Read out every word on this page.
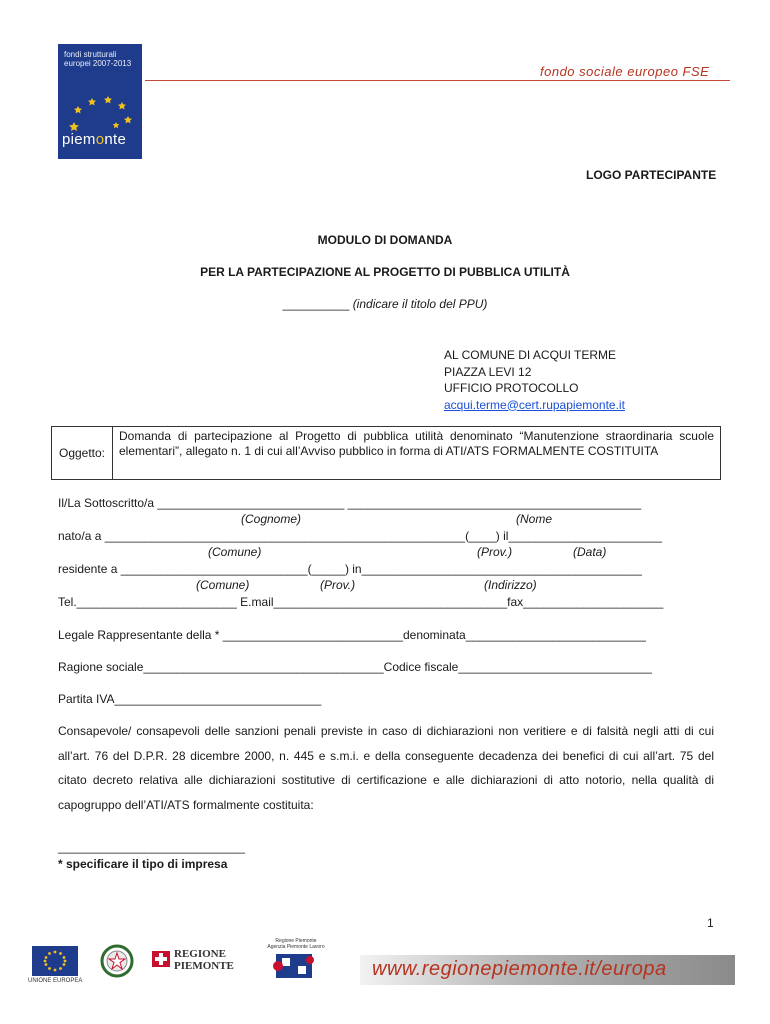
fondi strutturali
europei 2007-2013
piemonte
fondo sociale europeo FSE
LOGO PARTECIPANTE
MODULO DI DOMANDA
PER LA PARTECIPAZIONE AL PROGETTO DI PUBBLICA UTILITÀ
__________ (indicare il titolo del PPU)
AL COMUNE DI ACQUI TERME
PIAZZA LEVI 12
UFFICIO PROTOCOLLO
acqui.terme@cert.rupapiemonte.it
Oggetto:
Domanda di partecipazione al Progetto di pubblica utilità denominato “Manutenzione straordinaria scuole elementari”, allegato n. 1 di cui all’Avviso pubblico in forma di ATI/ATS FORMALMENTE COSTITUITA
Il/La Sottoscritto/a ____________________________ ____________________________________________
(Cognome)	(Nome
nato/a a ______________________________________________________(____) il_______________________
(Comune)	(Prov.)	(Data)
residente a ____________________________(_____) in__________________________________________
(Comune)	(Prov.)	(Indirizzo)
Tel.________________________ E.mail___________________________________fax_____________________
Legale Rappresentante della * ___________________________denominata___________________________
Ragione sociale____________________________________Codice fiscale_____________________________
Partita IVA_______________________________
Consapevole/ consapevoli delle sanzioni penali previste in caso di dichiarazioni non veritiere e di falsità negli atti di cui all’art. 76 del D.P.R. 28 dicembre 2000, n. 445 e s.m.i. e della conseguente decadenza dei benefici di cui all’art. 75 del citato decreto relativa alle dichiarazioni sostitutive di certificazione e alle dichiarazioni di atto notorio, nella qualità di capogruppo dell’ATI/ATS formalmente costituita:
____________________________
* specificare il tipo di impresa
1
UNIONE EUROPEA
REGIONE
PIEMONTE
Regione Piemonte
Agenzia Piemonte Lavoro
www.regionepiemonte.it/europa
